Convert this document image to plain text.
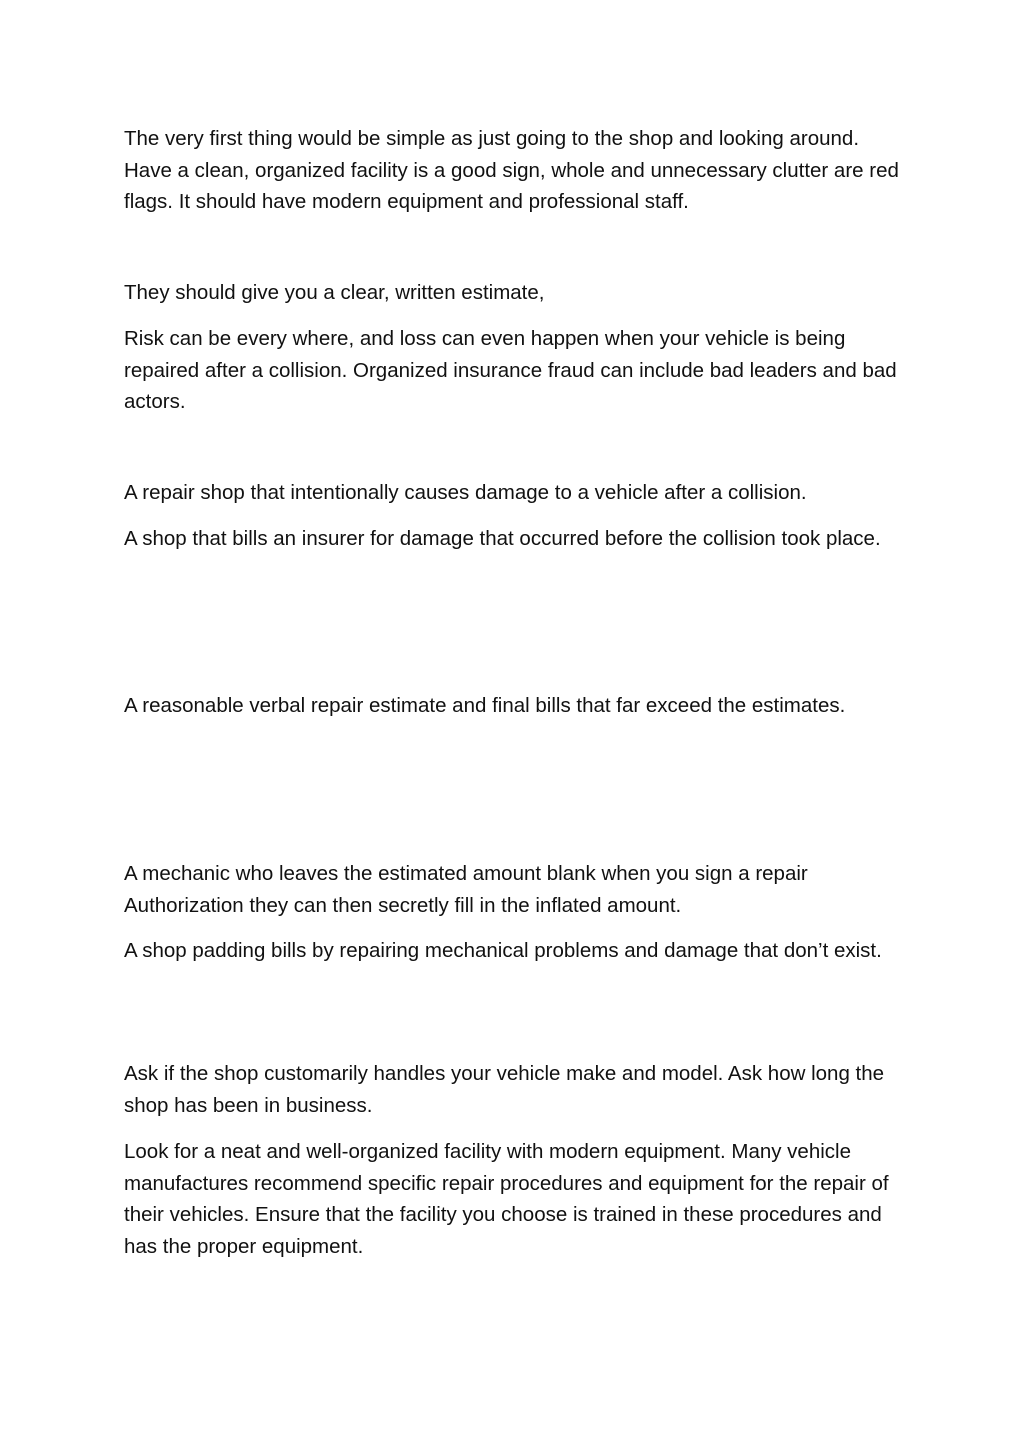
The very first thing would be simple as just going to the shop and looking around. Have a clean, organized facility is a good sign, whole and unnecessary clutter are red flags. It should have modern equipment and professional staff.

They should give you a clear, written estimate,

Risk can be every where, and loss can even happen when your vehicle is being repaired after a collision. Organized insurance fraud can include bad leaders and bad actors.

A repair shop that intentionally causes damage to a vehicle after a collision.

A shop that bills an insurer for damage that occurred before the collision took place.

A reasonable verbal repair estimate and final bills that far exceed the estimates.

A mechanic who leaves the estimated amount blank when you sign a repair Authorization they can then secretly fill in the inflated amount.

A shop padding bills by repairing mechanical problems and damage that don’t exist.

Ask if the shop customarily handles your vehicle make and model. Ask how long the shop has been in business.

Look for a neat and well-organized facility with modern equipment. Many vehicle manufactures recommend specific repair procedures and equipment for the repair of their vehicles. Ensure that the facility you choose is trained in these procedures and has the proper equipment.
